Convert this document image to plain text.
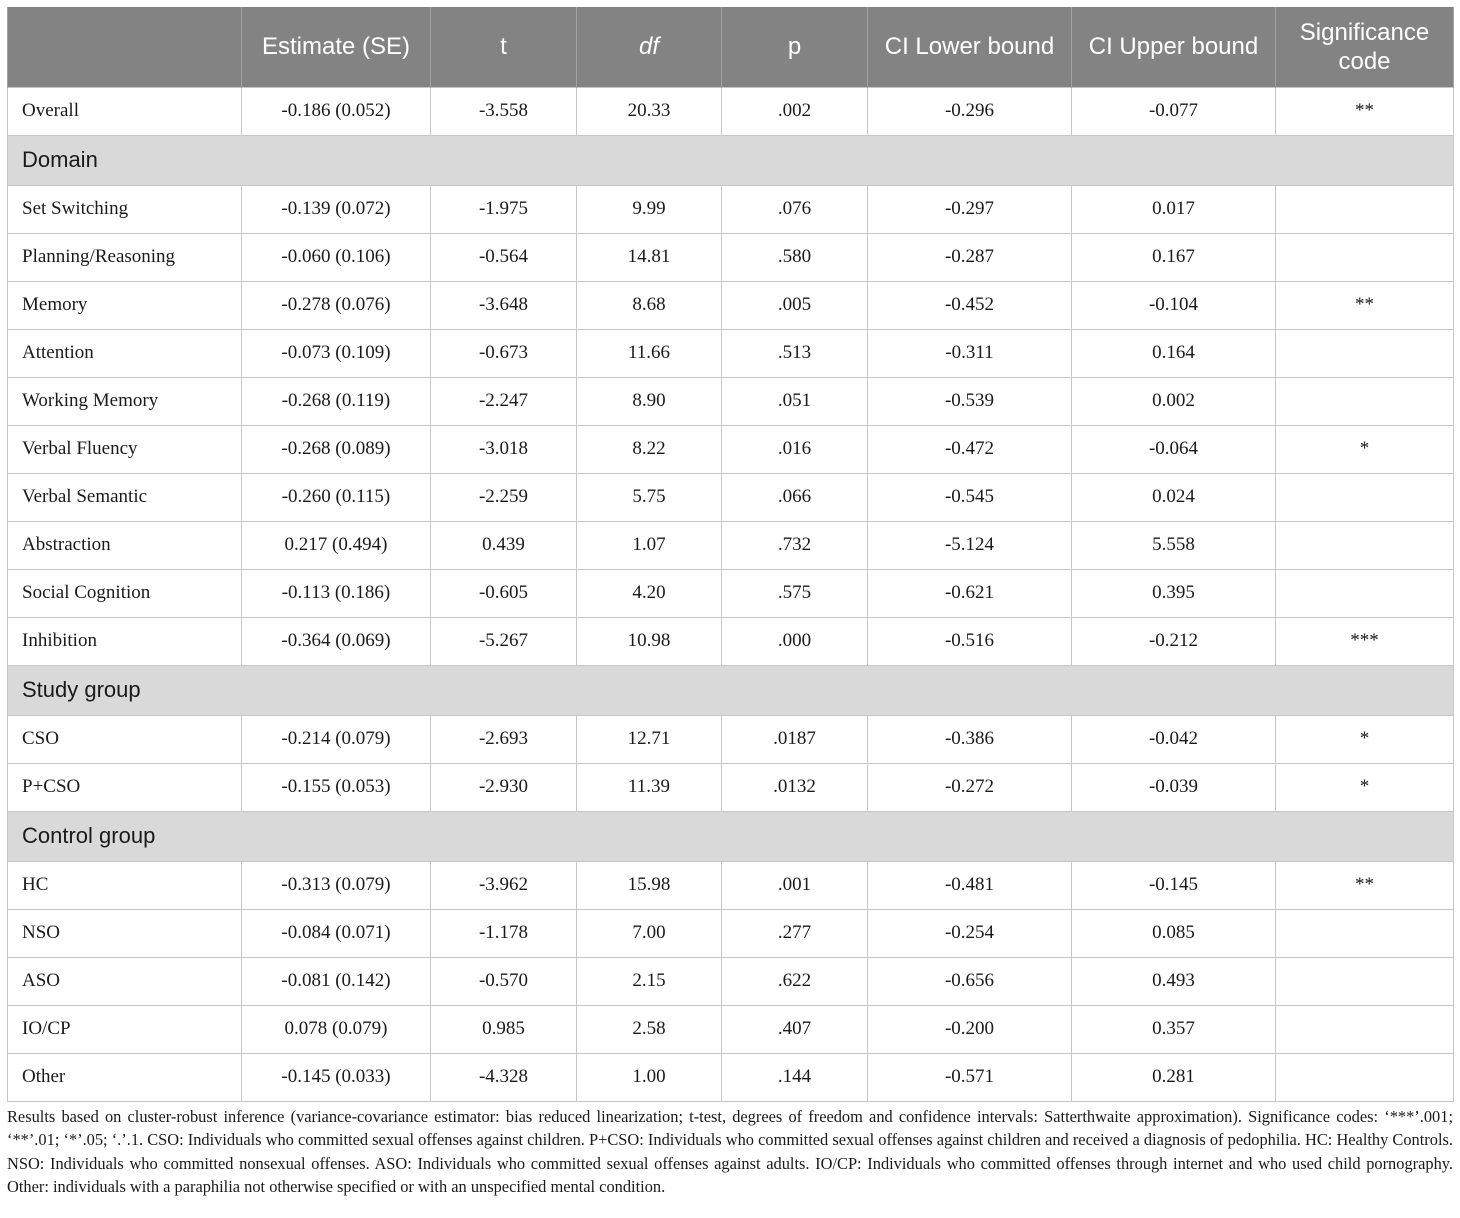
	Estimate (SE)	t	df	p	CI Lower bound	CI Upper bound	Significance code
Overall	-0.186 (0.052)	-3.558	20.33	.002	-0.296	-0.077	**
Domain							
Set Switching	-0.139 (0.072)	-1.975	9.99	.076	-0.297	0.017	
Planning/Reasoning	-0.060 (0.106)	-0.564	14.81	.580	-0.287	0.167	
Memory	-0.278 (0.076)	-3.648	8.68	.005	-0.452	-0.104	**
Attention	-0.073 (0.109)	-0.673	11.66	.513	-0.311	0.164	
Working Memory	-0.268 (0.119)	-2.247	8.90	.051	-0.539	0.002	
Verbal Fluency	-0.268 (0.089)	-3.018	8.22	.016	-0.472	-0.064	*
Verbal Semantic	-0.260 (0.115)	-2.259	5.75	.066	-0.545	0.024	
Abstraction	0.217 (0.494)	0.439	1.07	.732	-5.124	5.558	
Social Cognition	-0.113 (0.186)	-0.605	4.20	.575	-0.621	0.395	
Inhibition	-0.364 (0.069)	-5.267	10.98	.000	-0.516	-0.212	***
Study group							
CSO	-0.214 (0.079)	-2.693	12.71	.0187	-0.386	-0.042	*
P+CSO	-0.155 (0.053)	-2.930	11.39	.0132	-0.272	-0.039	*
Control group							
HC	-0.313 (0.079)	-3.962	15.98	.001	-0.481	-0.145	**
NSO	-0.084 (0.071)	-1.178	7.00	.277	-0.254	0.085	
ASO	-0.081 (0.142)	-0.570	2.15	.622	-0.656	0.493	
IO/CP	0.078 (0.079)	0.985	2.58	.407	-0.200	0.357	
Other	-0.145 (0.033)	-4.328	1.00	.144	-0.571	0.281	
Results based on cluster-robust inference (variance-covariance estimator: bias reduced linearization; t-test, degrees of freedom and confidence intervals: Satterthwaite approximation). Significance codes: ‘***’.001; ‘**’.01; ‘*’.05; ‘.’.1. CSO: Individuals who committed sexual offenses against children. P+CSO: Individuals who committed sexual offenses against children and received a diagnosis of pedophilia. HC: Healthy Controls. NSO: Individuals who committed nonsexual offenses. ASO: Individuals who committed sexual offenses against adults. IO/CP: Individuals who committed offenses through internet and who used child pornography. Other: individuals with a paraphilia not otherwise specified or with an unspecified mental condition.
